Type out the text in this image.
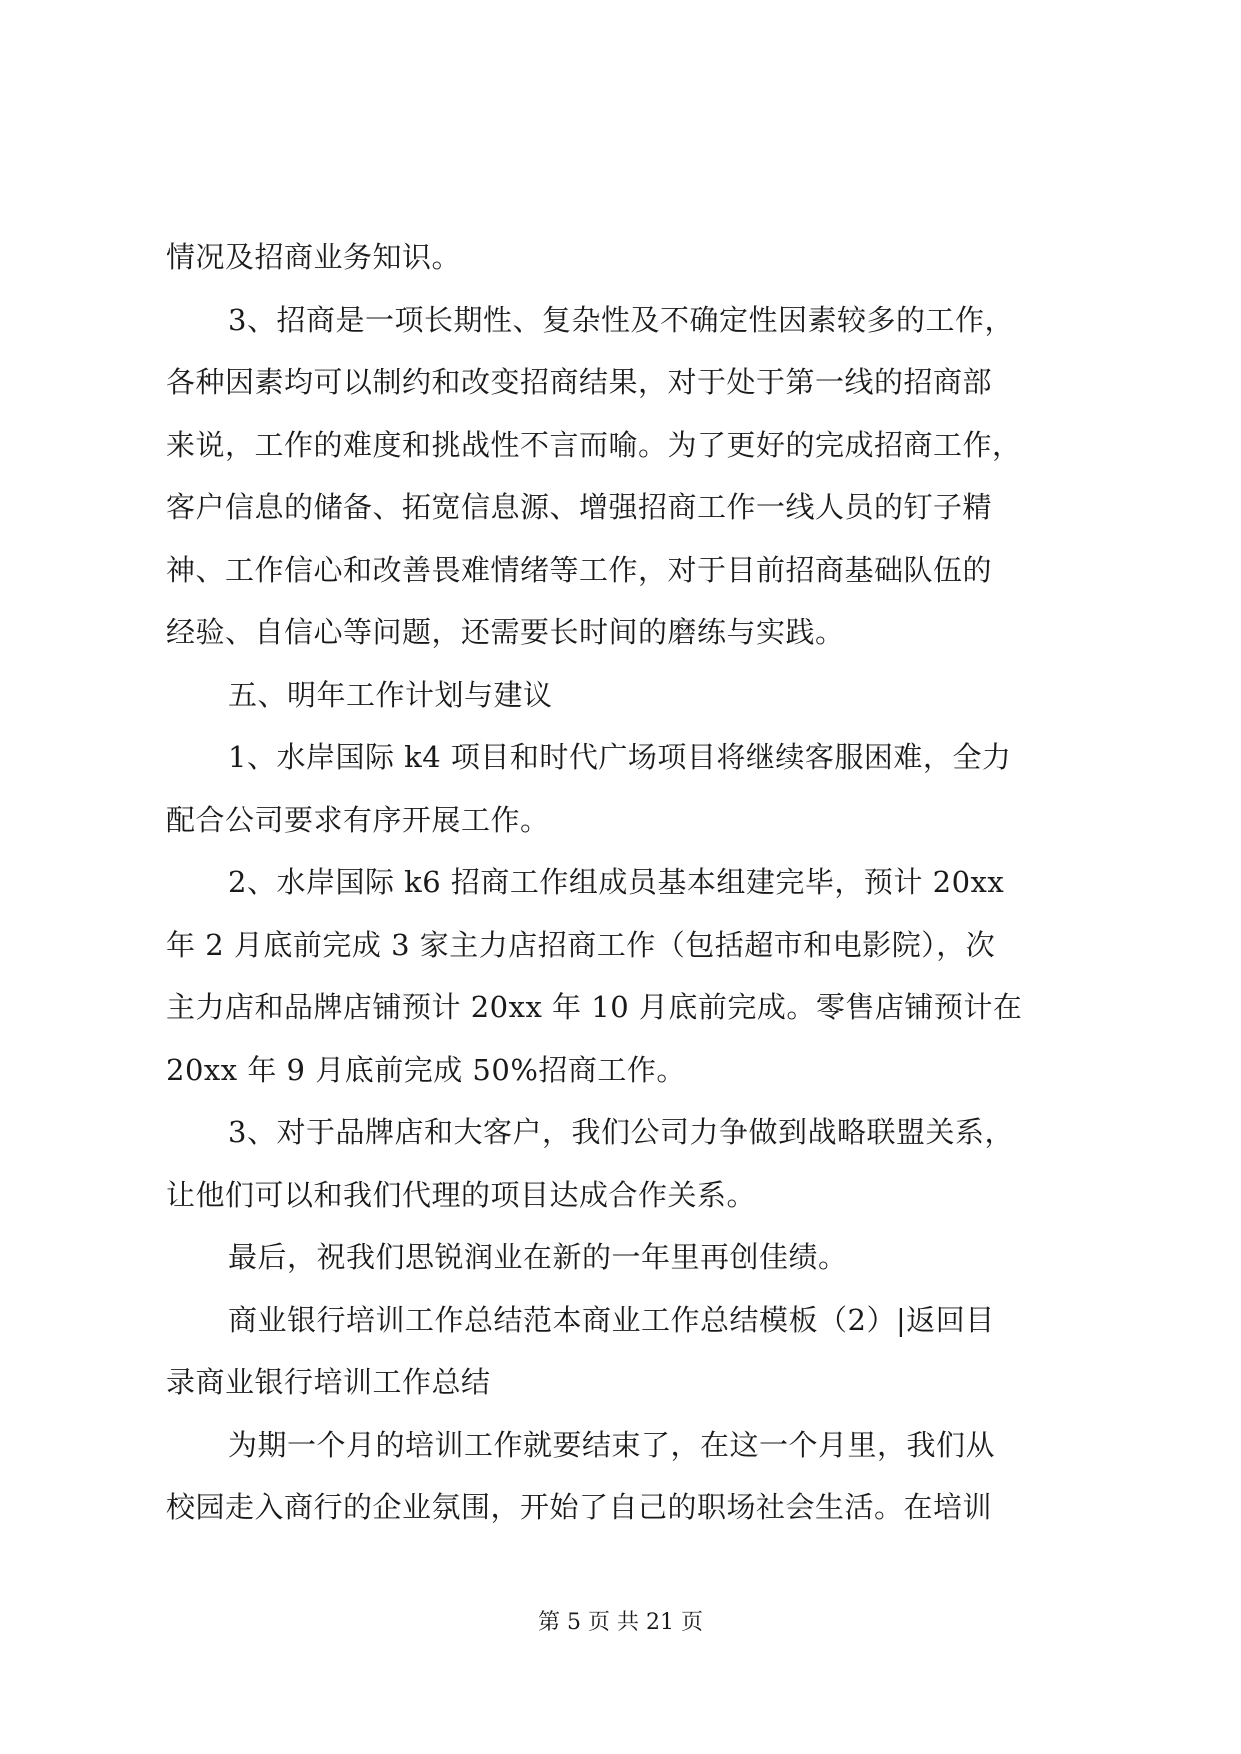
情况及招商业务知识。
3、招商是一项长期性、复杂性及不确定性因素较多的工作，
各种因素均可以制约和改变招商结果，对于处于第一线的招商部
来说，工作的难度和挑战性不言而喻。为了更好的完成招商工作，
客户信息的储备、拓宽信息源、增强招商工作一线人员的钉子精
神、工作信心和改善畏难情绪等工作，对于目前招商基础队伍的
经验、自信心等问题，还需要长时间的磨练与实践。
五、明年工作计划与建议
1、水岸国际 k4 项目和时代广场项目将继续客服困难，全力
配合公司要求有序开展工作。
2、水岸国际 k6 招商工作组成员基本组建完毕，预计 20xx
年 2 月底前完成 3 家主力店招商工作（包括超市和电影院），次
主力店和品牌店铺预计 20xx 年 10 月底前完成。零售店铺预计在
20xx 年 9 月底前完成 50%招商工作。
3、对于品牌店和大客户，我们公司力争做到战略联盟关系，
让他们可以和我们代理的项目达成合作关系。
最后，祝我们思锐润业在新的一年里再创佳绩。
商业银行培训工作总结范本商业工作总结模板（2）|返回目
录商业银行培训工作总结
为期一个月的培训工作就要结束了，在这一个月里，我们从
校园走入商行的企业氛围，开始了自己的职场社会生活。在培训
第 5 页 共 21 页
